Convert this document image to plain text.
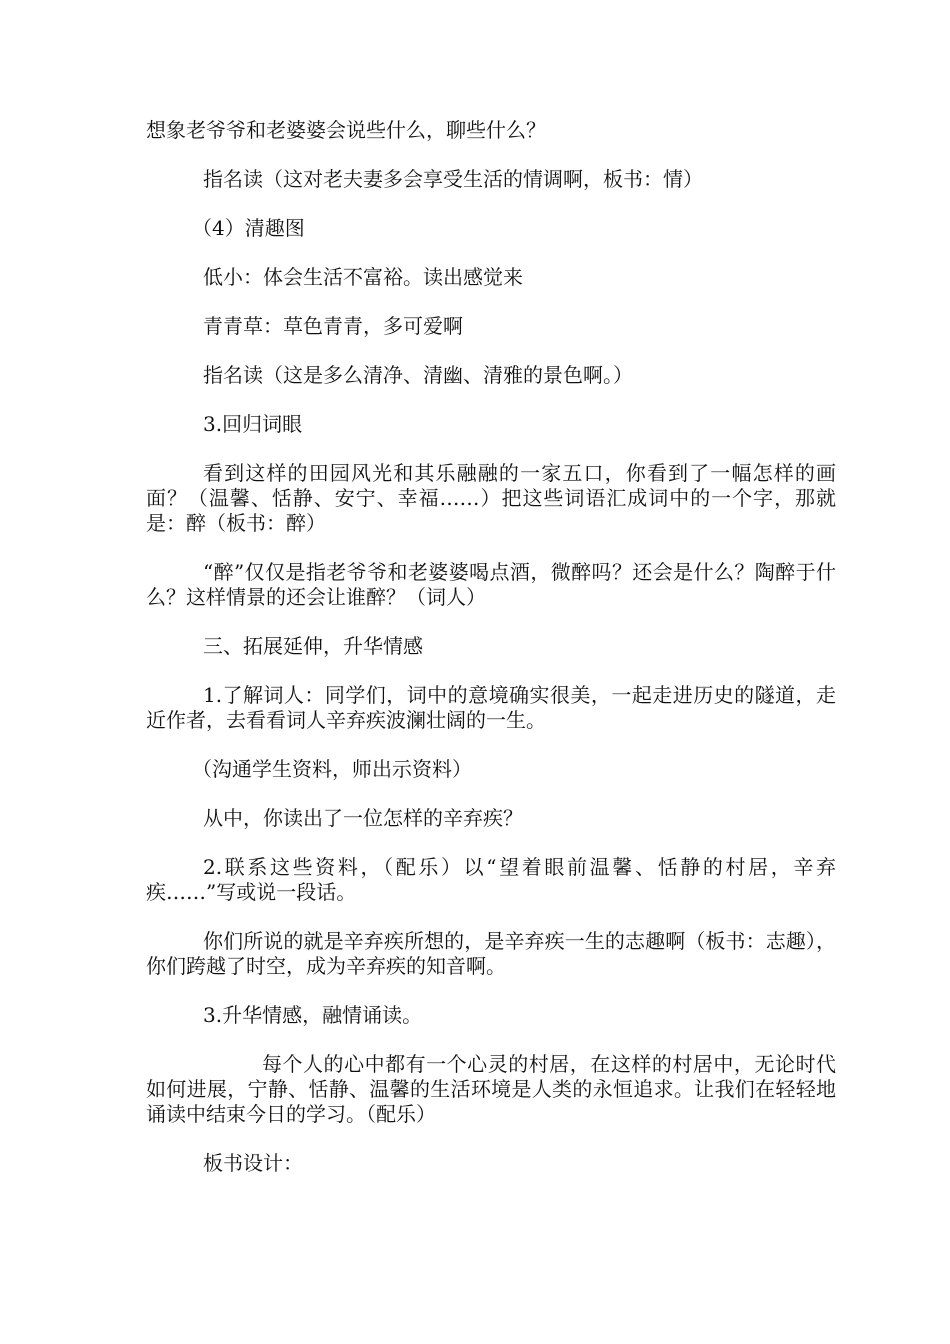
想象老爷爷和老婆婆会说些什么，聊些什么？

指名读（这对老夫妻多会享受生活的情调啊，板书：情）

（4）清趣图

低小：体会生活不富裕。读出感觉来

青青草：草色青青，多可爱啊

指名读（这是多么清净、清幽、清雅的景色啊。）

3.回归词眼

看到这样的田园风光和其乐融融的一家五口，你看到了一幅怎样的画面？（温馨、恬静、安宁、幸福……）把这些词语汇成词中的一个字，那就是：醉（板书：醉）

“醉”仅仅是指老爷爷和老婆婆喝点酒，微醉吗？还会是什么？陶醉于什么？这样情景的还会让谁醉？（词人）

三、拓展延伸，升华情感

1.了解词人：同学们，词中的意境确实很美，一起走进历史的隧道，走近作者，去看看词人辛弃疾波澜壮阔的一生。

（沟通学生资料，师出示资料）

从中，你读出了一位怎样的辛弃疾？

2.联系这些资料，（配乐）以“望着眼前温馨、恬静的村居，辛弃疾……”写或说一段话。

你们所说的就是辛弃疾所想的，是辛弃疾一生的志趣啊（板书：志趣），你们跨越了时空，成为辛弃疾的知音啊。

3.升华情感，融情诵读。

每个人的心中都有一个心灵的村居，在这样的村居中，无论时代如何进展，宁静、恬静、温馨的生活环境是人类的永恒追求。让我们在轻轻地诵读中结束今日的学习。（配乐）

板书设计：
